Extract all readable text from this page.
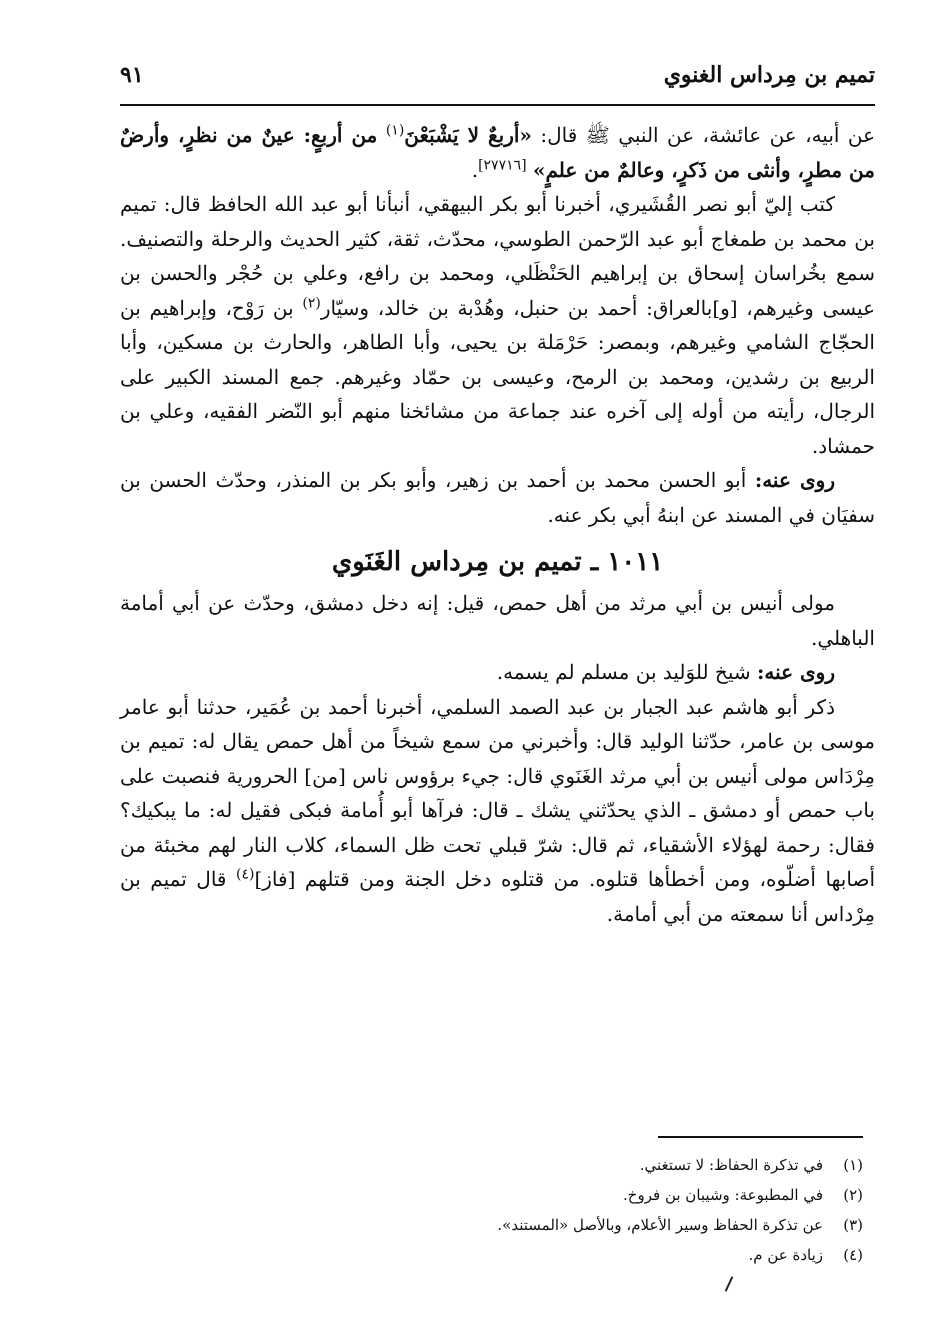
تميم بن مِرداس الغنوي
٩١

عن أبيه، عن عائشة، عن النبي ﷺ قال: «أربعٌ لا يَشْبَعْنَ$^{(١)}$ من أربعٍ: عينٌ من نظرٍ، وأرضٌ من مطرٍ، وأنثى من ذَكرٍ، وعالمٌ من علمٍ» [٢٧٧١٦].

كتب إليّ أبو نصر القُشَيري، أخبرنا أبو بكر البيهقي، أنبأنا أبو عبد الله الحافظ قال: تميم بن محمد بن طمغاج أبو عبد الرّحمن الطوسي، محدّث، ثقة، كثير الحديث والرحلة والتصنيف. سمع بخُراسان إسحاق بن إبراهيم الحَنْظَلي، ومحمد بن رافع، وعلي بن حُجْر والحسن بن عيسى وغيرهم، [و]بالعراق: أحمد بن حنبل، وهُدْبة بن خالد، وسيّار$^{(٢)}$ بن رَوْح، وإبراهيم بن الحجّاج الشامي وغيرهم، وبمصر: حَرْمَلة بن يحيى، وأبا الطاهر، والحارث بن مسكين، وأبا الربيع بن رشدين، ومحمد بن الرمح، وعيسى بن حمّاد وغيرهم. جمع المسند الكبير على الرجال، رأيته من أوله إلى آخره عند جماعة من مشائخنا منهم أبو النّضر الفقيه، وعلي بن حمشاد.

روى عنه: أبو الحسن محمد بن أحمد بن زهير، وأبو بكر بن المنذر، وحدّث الحسن بن سفيَان في المسند عن ابنهُ أبي بكر عنه.

١٠١١ ـ تميم بن مِرداس الغَنَوي

مولى أنيس بن أبي مرثد من أهل حمص، قيل: إنه دخل دمشق، وحدّث عن أبي أمامة الباهلي.

روى عنه: شيخ للوَليد بن مسلم لم يسمه.

ذكر أبو هاشم عبد الجبار بن عبد الصمد السلمي، أخبرنا أحمد بن عُمَير، حدثنا أبو عامر موسى بن عامر، حدّثنا الوليد قال: وأخبرني من سمع شيخاً من أهل حمص يقال له: تميم بن مِرْدَاس مولى أنيس بن أبي مرثد الغَنَوي قال: جيء برؤوس ناس [من] الحرورية فنصبت على باب حمص أو دمشق ـ الذي يحدّثني يشك ـ قال: فرآها أبو أُمامة فبكى فقيل له: ما يبكيك؟ فقال: رحمة لهؤلاء الأشقياء، ثم قال: شرّ قبلي تحت ظل السماء، كلاب النار لهم مخبئة من أصابها أضلّوه، ومن أخطأها قتلوه. من قتلوه دخل الجنة ومن قتلهم [فاز]$^{(٤)}$ قال تميم بن مِرْداس أنا سمعته من أبي أمامة.

(١)
في تذكرة الحفاظ: لا تستغني.
(٢)
في المطبوعة: وشيبان بن فروخ.
(٣)
عن تذكرة الحفاظ وسير الأعلام، وبالأصل «المستند».
(٤)
زيادة عن م.
